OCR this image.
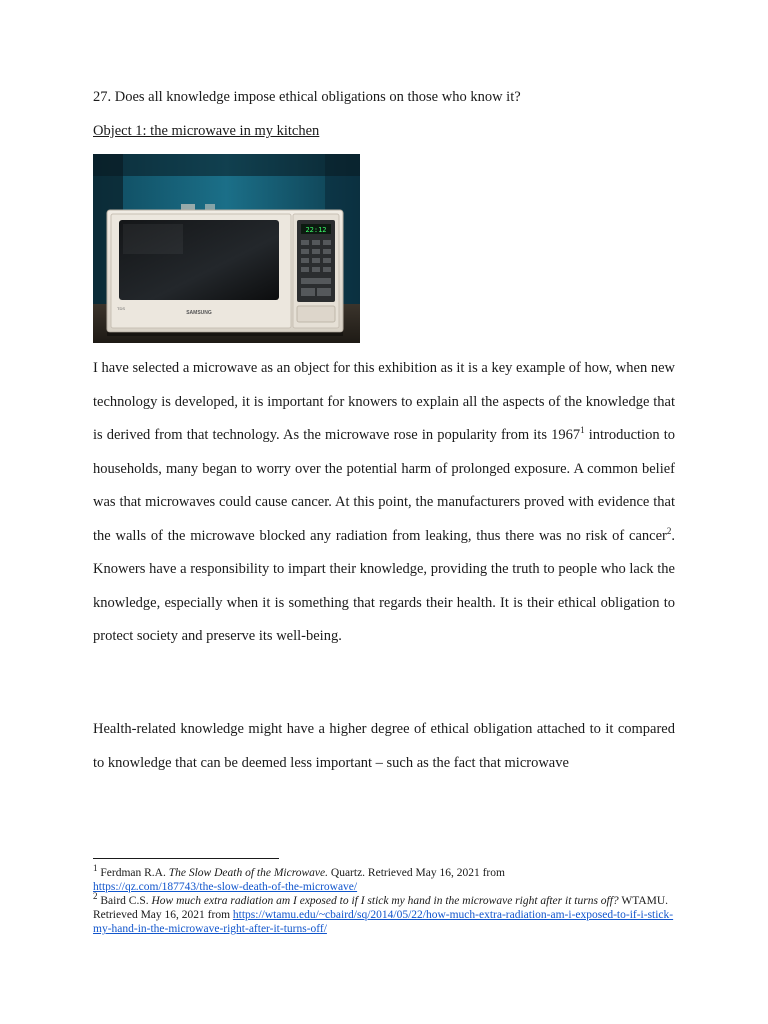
27. Does all knowledge impose ethical obligations on those who know it?
Object 1: the microwave in my kitchen
22:12
SAMSUNG
TDS

I have selected a microwave as an object for this exhibition as it is a key example of how, when new technology is developed, it is important for knowers to explain all the aspects of the knowledge that is derived from that technology. As the microwave rose in popularity from its 1967$^1$ introduction to households, many began to worry over the potential harm of prolonged exposure. A common belief was that microwaves could cause cancer. At this point, the manufacturers proved with evidence that the walls of the microwave blocked any radiation from leaking, thus there was no risk of cancer$^2$. Knowers have a responsibility to impart their knowledge, providing the truth to people who lack the knowledge, especially when it is something that regards their health. It is their ethical obligation to protect society and preserve its well-being.

Health-related knowledge might have a higher degree of ethical obligation attached to it compared to knowledge that can be deemed less important – such as the fact that microwave

$^1$ Ferdman R.A. The Slow Death of the Microwave. Quartz. Retrieved May 16, 2021 from
https://qz.com/187743/the-slow-death-of-the-microwave/

$^2$ Baird C.S. How much extra radiation am I exposed to if I stick my hand in the microwave right after it turns off? WTAMU. Retrieved May 16, 2021 from https://wtamu.edu/~cbaird/sq/2014/05/22/how-much-extra-radiation-am-i-exposed-to-if-i-stick-my-hand-in-the-microwave-right-after-it-turns-off/
